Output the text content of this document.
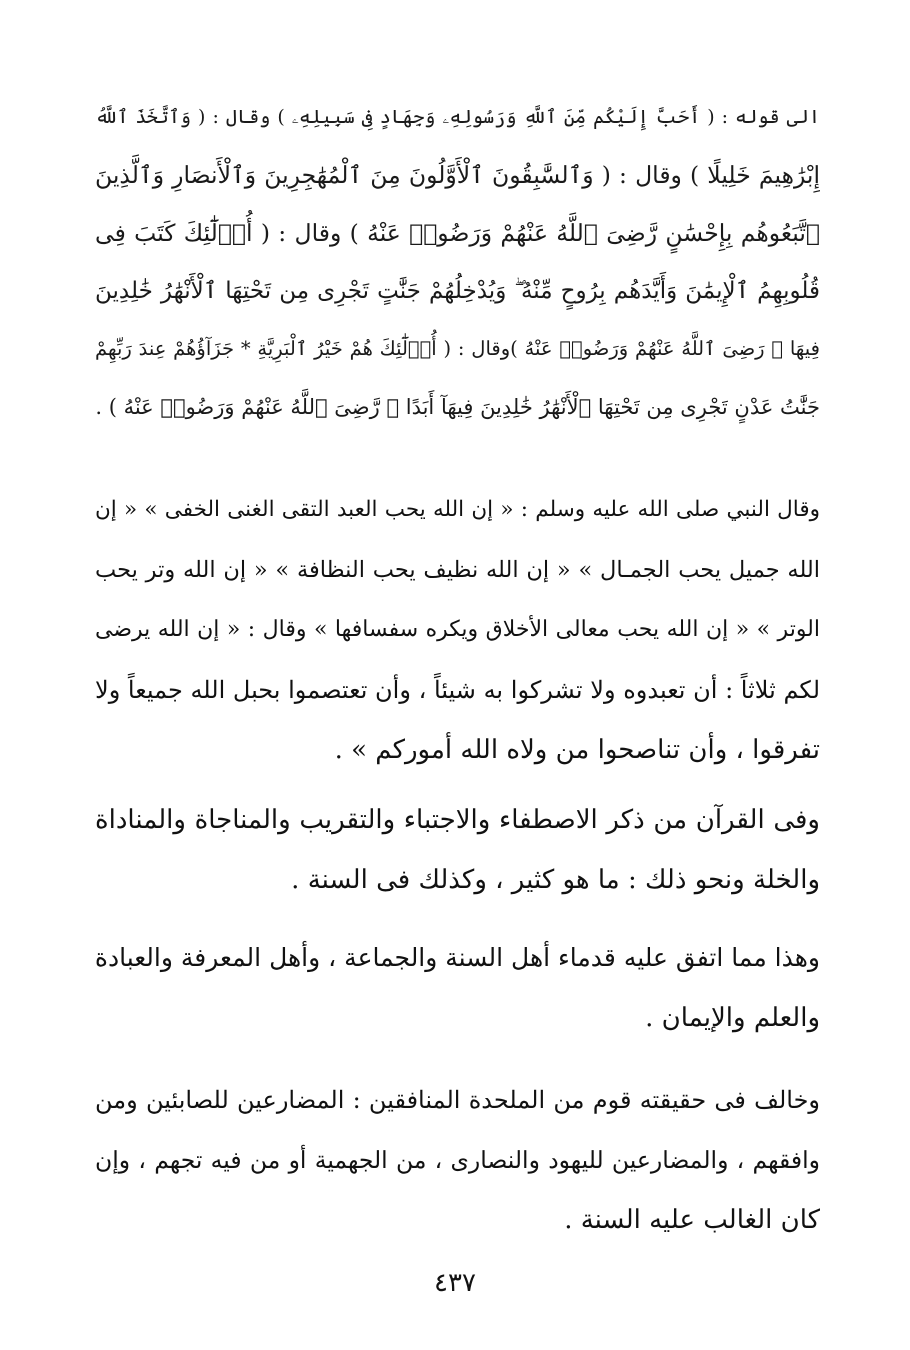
الى قوله : ( أَحَبَّ إِلَيْكُم مِّنَ ٱللَّهِ وَرَسُولِهِۦ وَجِهَادٍ فِى سَبِيلِهِۦ ) وقال : ( وَٱتَّخَذَ ٱللَّهُ
إِبْرَٰهِيمَ خَلِيلًا ) وقال : ( وَٱلسَّٰبِقُونَ ٱلْأَوَّلُونَ مِنَ ٱلْمُهَٰجِرِينَ وَٱلْأَنصَارِ وَٱلَّذِينَ
ٱتَّبَعُوهُم بِإِحْسَٰنٍ رَّضِىَ ٱللَّهُ عَنْهُمْ وَرَضُوا۟ عَنْهُ ) وقال : ( أُو۟لَٰٓئِكَ كَتَبَ فِى
قُلُوبِهِمُ ٱلْإِيمَٰنَ وَأَيَّدَهُم بِرُوحٍ مِّنْهُ ۖ وَيُدْخِلُهُمْ جَنَّٰتٍ تَجْرِى مِن تَحْتِهَا ٱلْأَنْهَٰرُ خَٰلِدِينَ
فِيهَا ۚ رَضِىَ ٱللَّهُ عَنْهُمْ وَرَضُوا۟ عَنْهُ )وقال : ( أُو۟لَٰٓئِكَ هُمْ خَيْرُ ٱلْبَرِيَّةِ * جَزَآؤُهُمْ عِندَ رَبِّهِمْ
جَنَّٰتُ عَدْنٍ تَجْرِى مِن تَحْتِهَا ٱلْأَنْهَٰرُ خَٰلِدِينَ فِيهَآ أَبَدًا ۖ رَّضِىَ ٱللَّهُ عَنْهُمْ وَرَضُوا۟ عَنْهُ ) .
وقال النبي صلى الله عليه وسلم : « إن الله يحب العبد التقى الغنى الخفى » « إن
الله جميل يحب الجمـال » « إن الله نظيف يحب النظافة » « إن الله وتر يحب
الوتر » « إن الله يحب معالى الأخلاق ويكره سفسافها » وقال : « إن الله يرضى
لكم ثلاثاً : أن تعبدوه ولا تشركوا به شيئاً ، وأن تعتصموا بحبل الله جميعاً ولا
تفرقوا ، وأن تناصحوا من ولاه الله أموركم » .
وفى القرآن من ذكر الاصطفاء والاجتباء والتقريب والمناجاة والمناداة
والخلة ونحو ذلك : ما هو كثير ، وكذلك فى السنة .
وهذا مما اتفق عليه قدماء أهل السنة والجماعة ، وأهل المعرفة والعبادة
والعلم والإيمان .
وخالف فى حقيقته قوم من الملحدة المنافقين : المضارعين للصابئين ومن
وافقهم ، والمضارعين لليهود والنصارى ، من الجهمية أو من فيه تجهم ، وإن
كان الغالب عليه السنة .
٤٣٧
